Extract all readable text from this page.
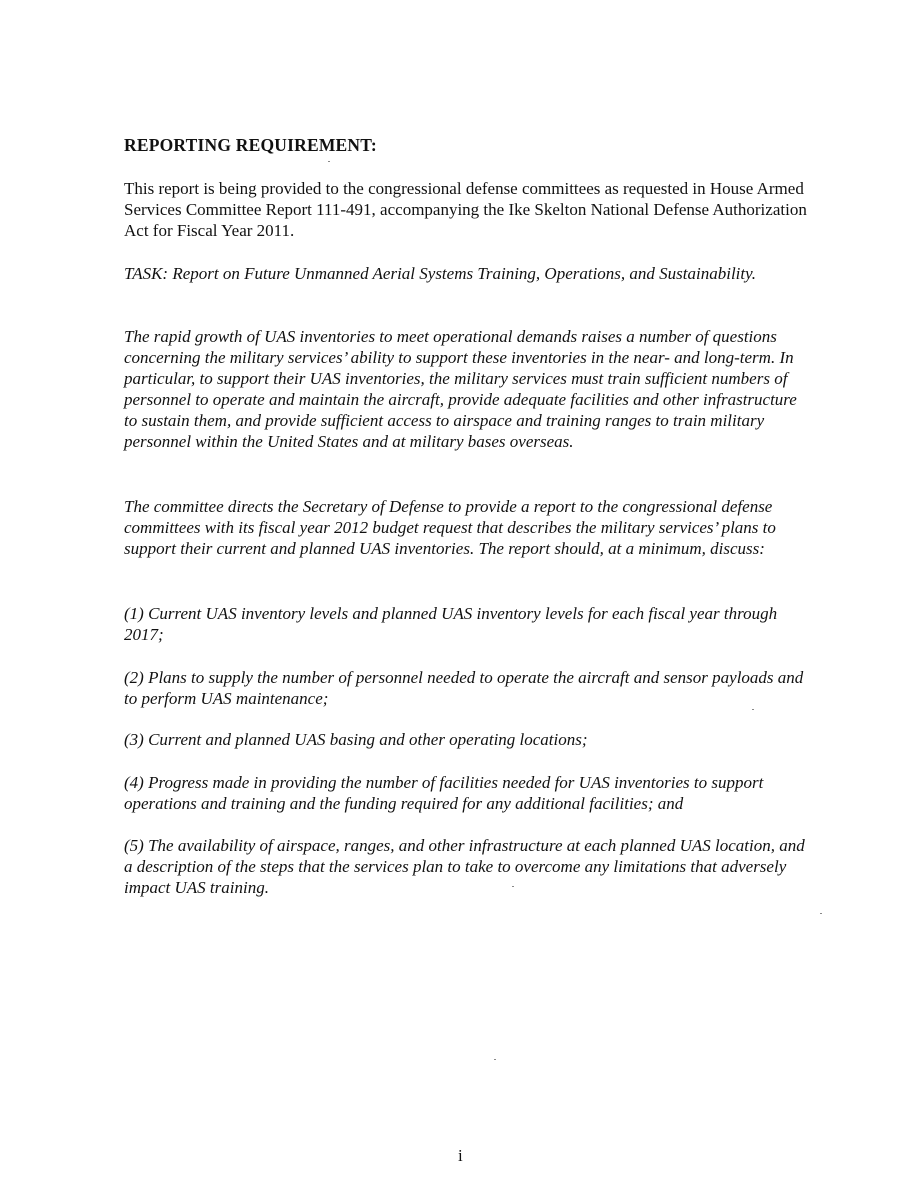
REPORTING REQUIREMENT:

This report is being provided to the congressional defense committees as requested in House Armed Services Committee Report 111-491, accompanying the Ike Skelton National Defense Authorization Act for Fiscal Year 2011.

TASK: Report on Future Unmanned Aerial Systems Training, Operations, and Sustainability.

The rapid growth of UAS inventories to meet operational demands raises a number of questions concerning the military services’ ability to support these inventories in the near- and long-term. In particular, to support their UAS inventories, the military services must train sufficient numbers of personnel to operate and maintain the aircraft, provide adequate facilities and other infrastructure to sustain them, and provide sufficient access to airspace and training ranges to train military personnel within the United States and at military bases overseas.

The committee directs the Secretary of Defense to provide a report to the congressional defense committees with its fiscal year 2012 budget request that describes the military services’ plans to support their current and planned UAS inventories. The report should, at a minimum, discuss:

(1) Current UAS inventory levels and planned UAS inventory levels for each fiscal year through 2017;

(2) Plans to supply the number of personnel needed to operate the aircraft and sensor payloads and to perform UAS maintenance;

(3) Current and planned UAS basing and other operating locations;

(4) Progress made in providing the number of facilities needed for UAS inventories to support operations and training and the funding required for any additional facilities; and

(5) The availability of airspace, ranges, and other infrastructure at each planned UAS location, and a description of the steps that the services plan to take to overcome any limitations that adversely impact UAS training.

i
